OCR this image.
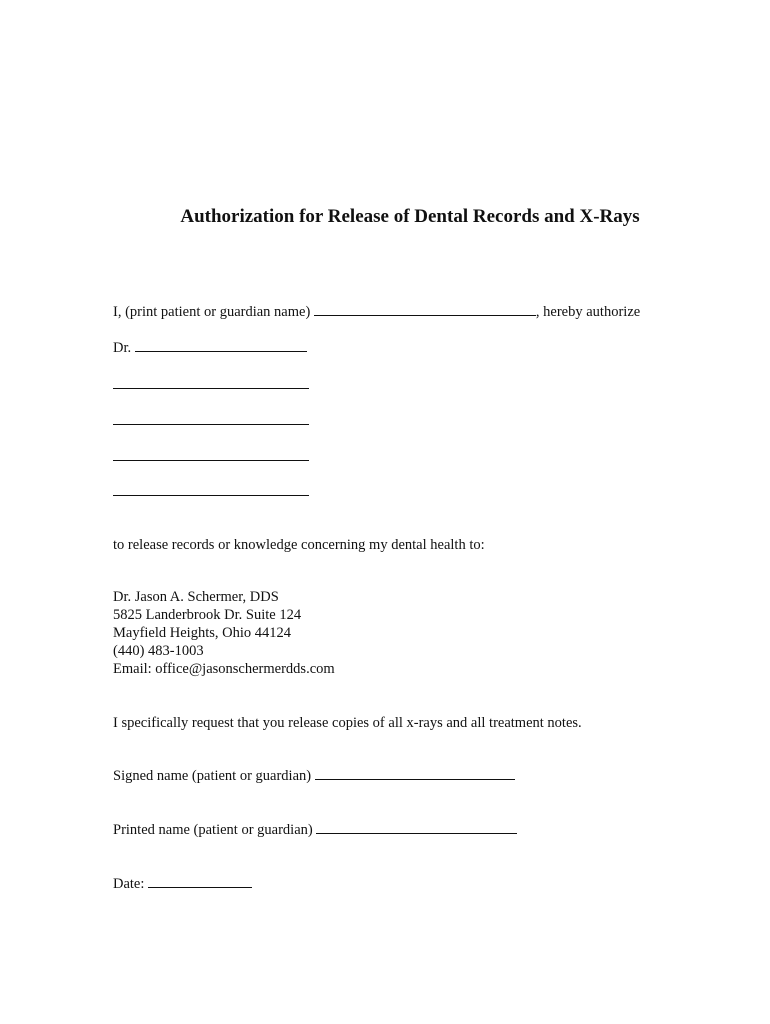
Authorization for Release of Dental Records and X-Rays
I, (print patient or guardian name)	, hereby authorize
Dr.
to release records or knowledge concerning my dental health to:
Dr. Jason A. Schermer, DDS
5825 Landerbrook Dr. Suite 124
Mayfield Heights, Ohio 44124
(440) 483-1003
Email: office@jasonschermerdds.com
I specifically request that you release copies of all x-rays and all treatment notes.
Signed name (patient or guardian)
Printed name (patient or guardian)
Date:
